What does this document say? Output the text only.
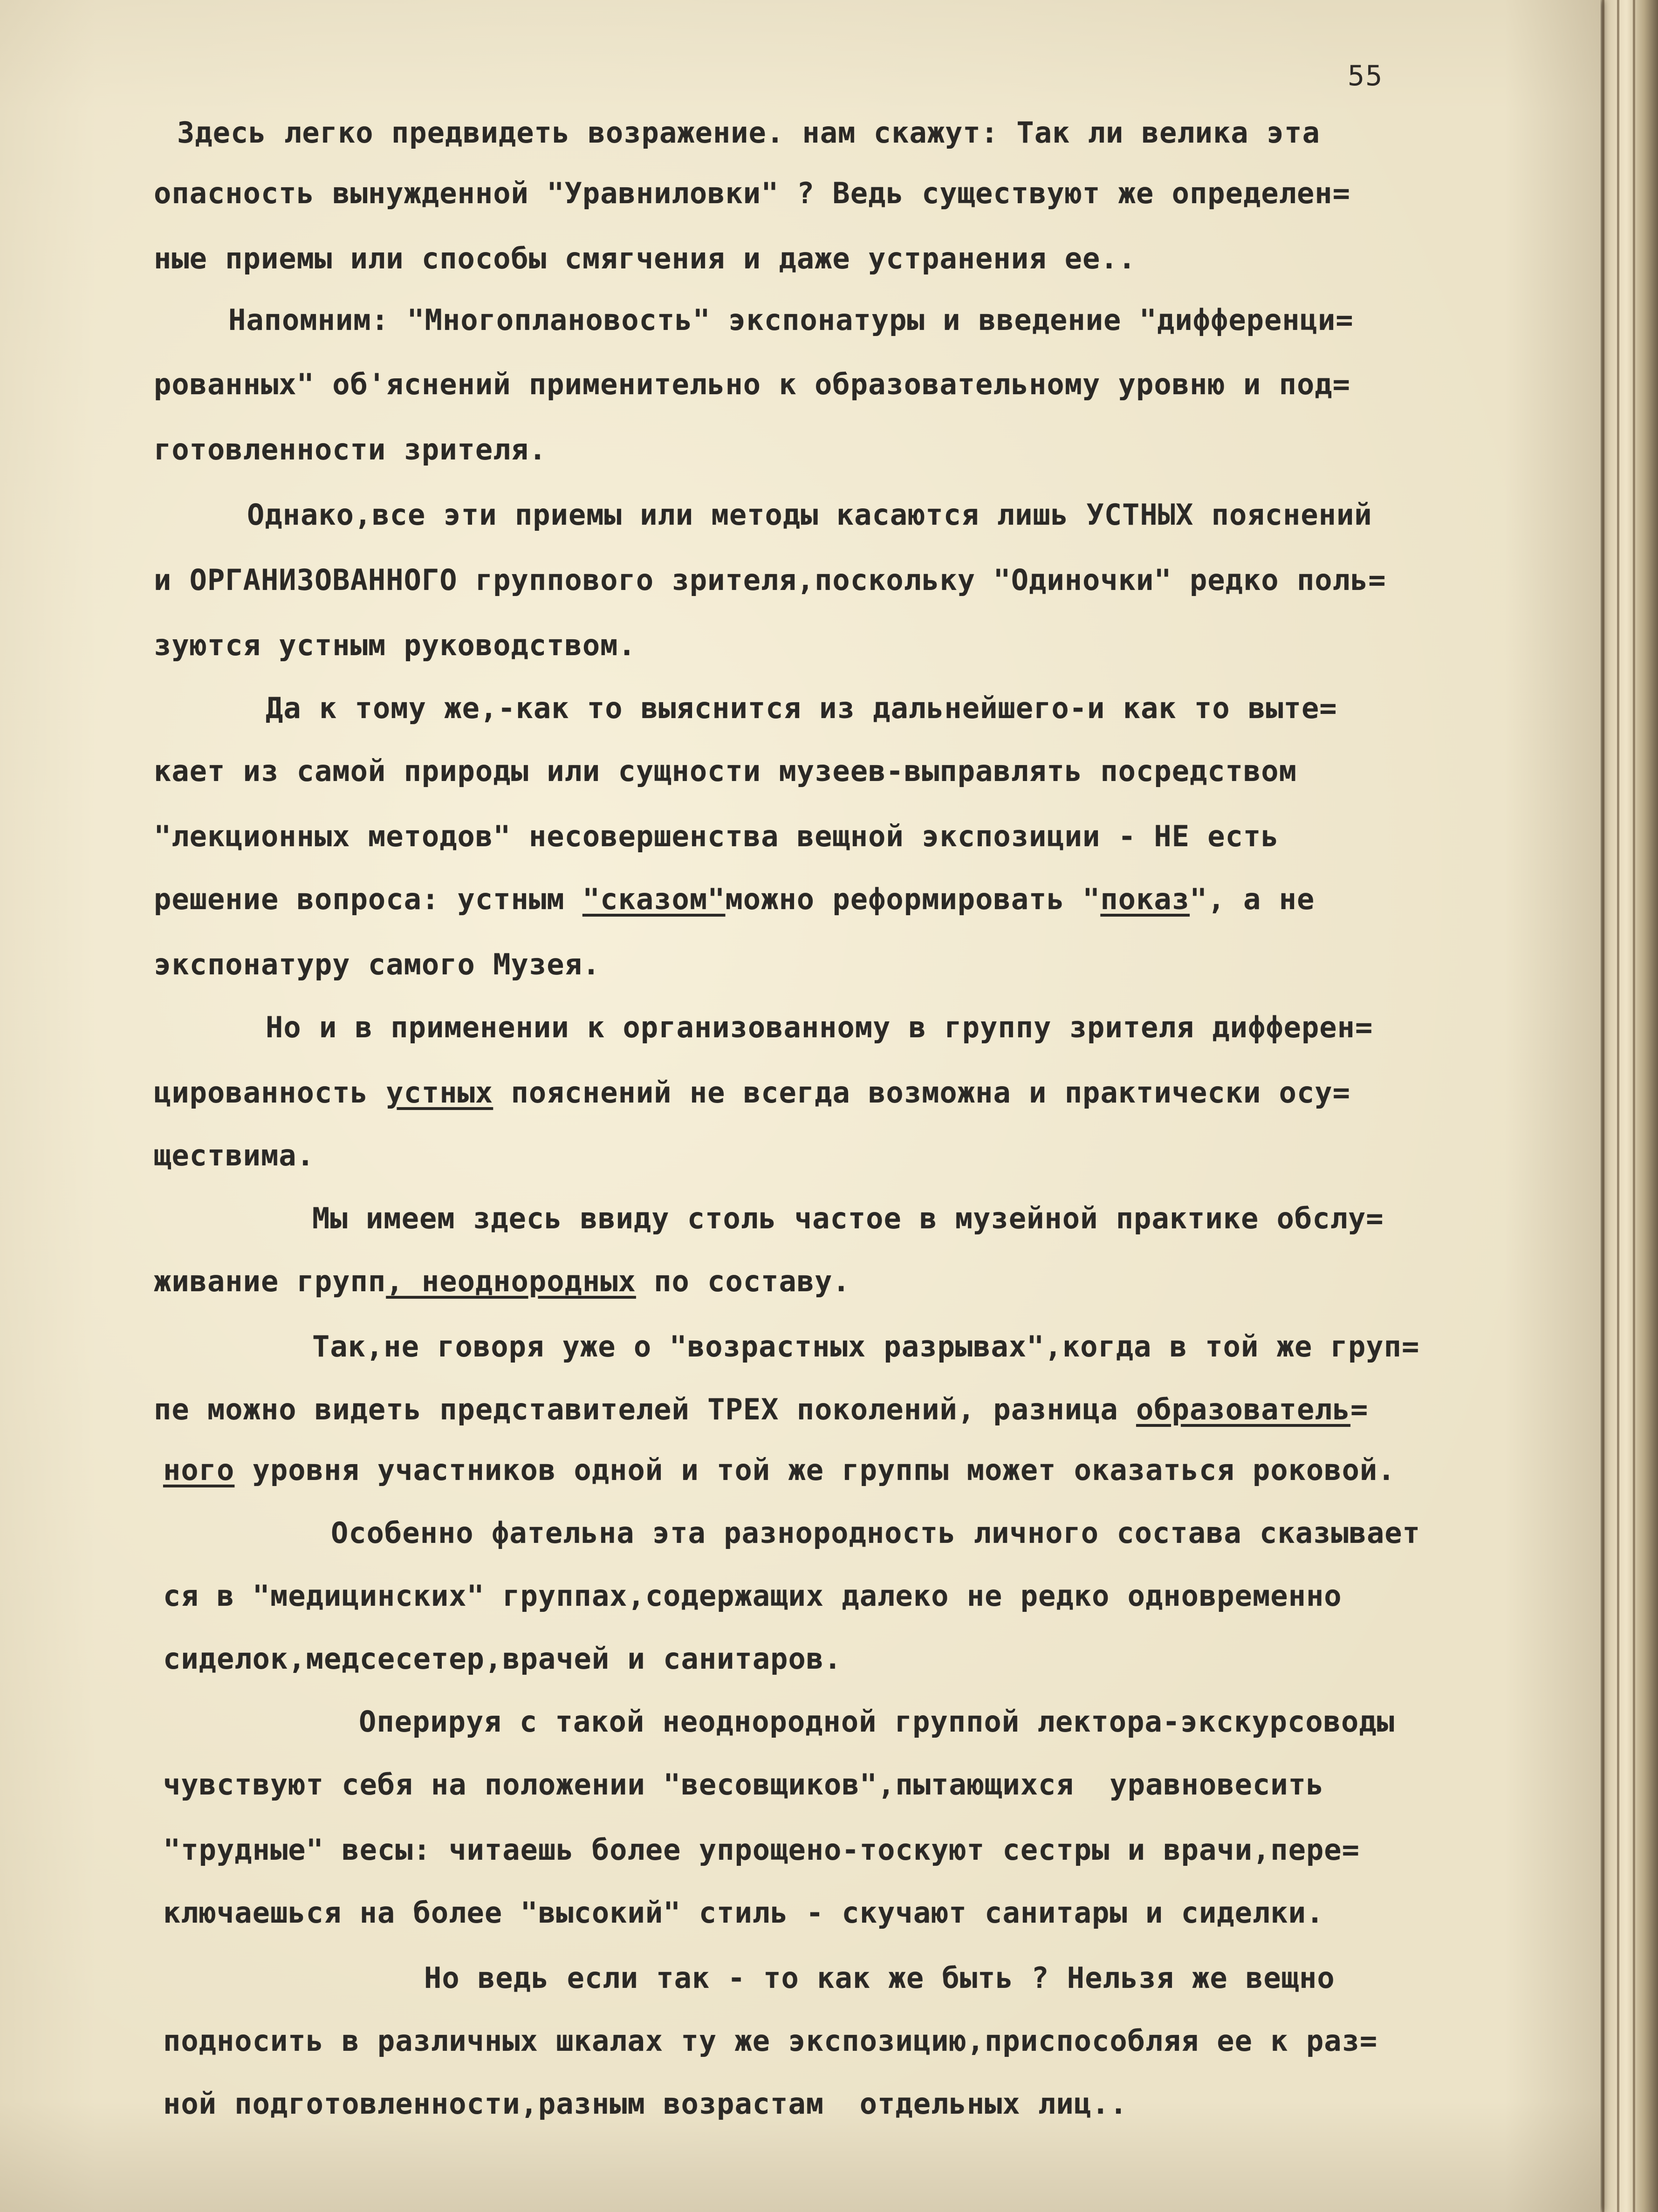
55
Здесь легко предвидеть возражение. нам скажут: Так ли велика эта
опасность вынужденной "Уравниловки" ? Ведь существуют же определен=
ные приемы или способы смягчения и даже устранения ее..
Напомним: "Многоплановость" экспонатуры и введение "дифференци=
рованных" об'яснений применительно к образовательному уровню и под=
готовленности зрителя.
Однако,все эти приемы или методы касаются лишь УСТНЫХ пояснений
и ОРГАНИЗОВАННОГО группового зрителя,поскольку "Одиночки" редко поль=
зуются устным руководством.
Да к тому же,-как то выяснится из дальнейшего-и как то выте=
кает из самой природы или сущности музеев-выправлять посредством
"лекционных методов" несовершенства вещной экспозиции - НЕ есть
решение вопроса: устным "сказом"можно реформировать "показ", а не
экспонатуру самого Музея.
Но и в применении к организованному в группу зрителя дифферен=
цированность устных пояснений не всегда возможна и практически осу=
ществима.
Мы имеем здесь ввиду столь частое в музейной практике обслу=
живание групп, неоднородных по составу.
Так,не говоря уже о "возрастных разрывах",когда в той же груп=
пе можно видеть представителей ТРЕХ поколений, разница образователь=
ного уровня участников одной и той же группы может оказаться роковой.
Особенно фательна эта разнородность личного состава сказывает
ся в "медицинских" группах,содержащих далеко не редко одновременно
сиделок,медсесетер,врачей и санитаров.
Оперируя с такой неоднородной группой лектора-экскурсоводы
чувствуют себя на положении "весовщиков",пытающихся  уравновесить
"трудные" весы: читаешь более упрощено-тоскуют сестры и врачи,пере=
ключаешься на более "высокий" стиль - скучают санитары и сиделки.
Но ведь если так - то как же быть ? Нельзя же вещно
подносить в различных шкалах ту же экспозицию,приспособляя ее к раз=
ной подготовленности,разным возрастам  отдельных лиц..
